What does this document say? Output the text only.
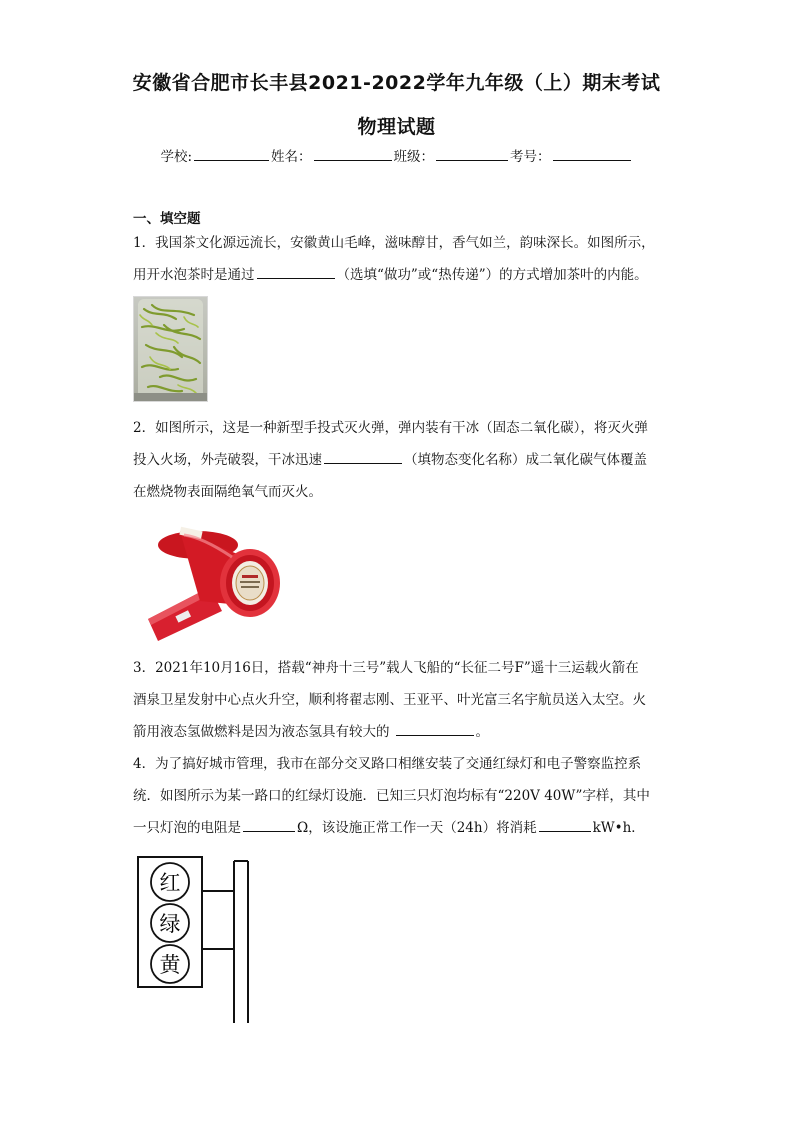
安徽省合肥市长丰县2021-2022学年九年级（上）期末考试
物理试题
学校:	姓名：	班级：	考号：
一、填空题
1．我国茶文化源远流长，安徽黄山毛峰，滋味醇甘，香气如兰，韵味深长。如图所示，
用开水泡茶时是通过	（选填“做功”或“热传递”）的方式增加茶叶的内能。
2．如图所示，这是一种新型手投式灭火弹，弹内装有干冰（固态二氧化碳），将灭火弹
投入火场，外壳破裂，干冰迅速	（填物态变化名称）成二氧化碳气体覆盖
在燃烧物表面隔绝氧气而灭火。
3．2021年10月16日，搭载“神舟十三号”载人飞船的“长征二号F”遥十三运载火箭在
酒泉卫星发射中心点火升空，顺利将翟志刚、王亚平、叶光富三名宇航员送入太空。火
箭用液态氢做燃料是因为液态氢具有较大的	。
4．为了搞好城市管理，我市在部分交叉路口相继安装了交通红绿灯和电子警察监控系
统．如图所示为某一路口的红绿灯设施．已知三只灯泡均标有“220V 40W”字样，其中
一只灯泡的电阻是	Ω，该设施正常工作一天（24h）将消耗	kW•h．
红
绿
黄
